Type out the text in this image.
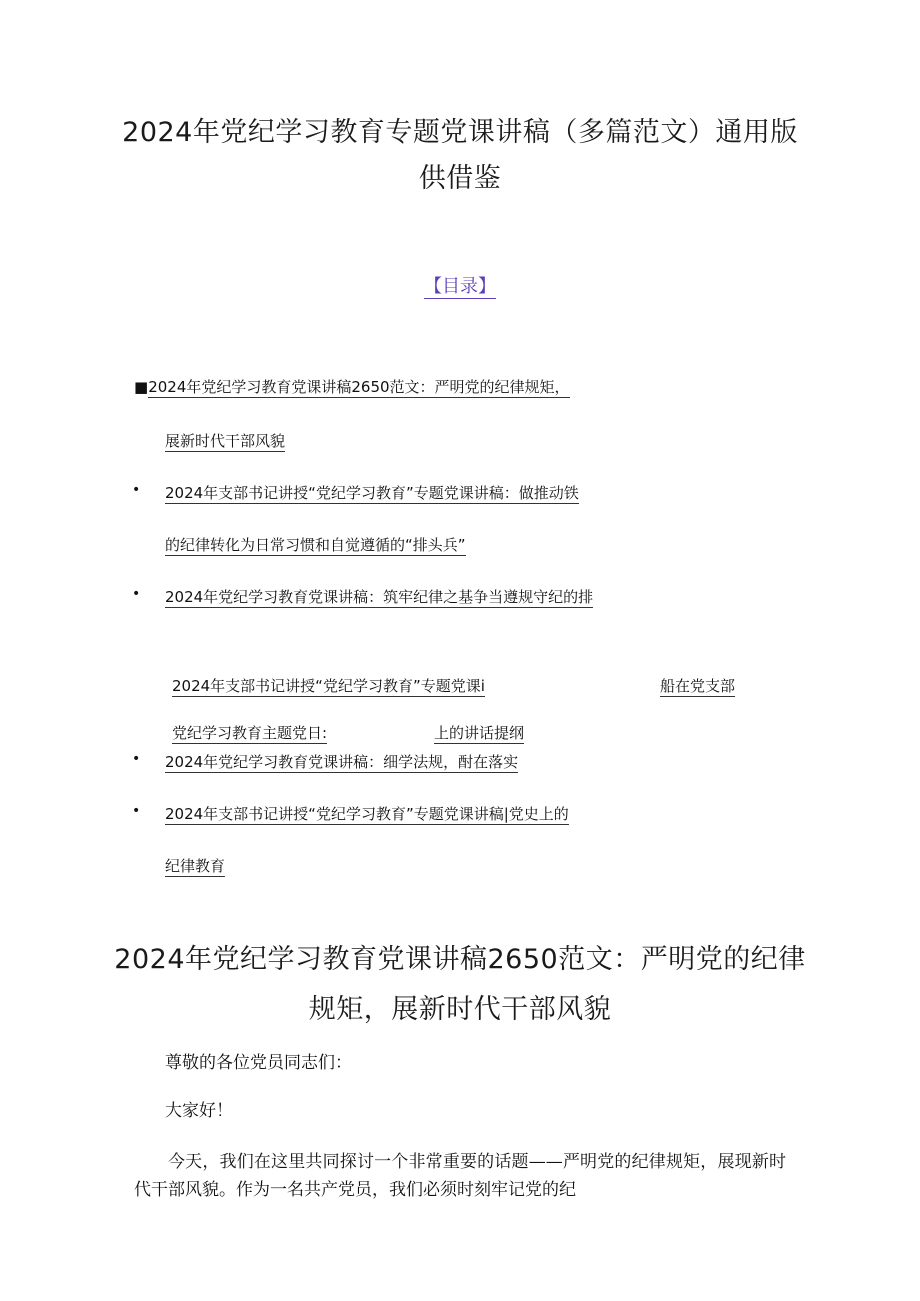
2024年党纪学习教育专题党课讲稿（多篇范文）通用版供借鉴
【目录】
■2024年党纪学习教育党课讲稿2650范文：严明党的纪律规矩，
展新时代干部风貌
• 2024年支部书记讲授“党纪学习教育”专题党课讲稿：做推动铁
的纪律转化为日常习惯和自觉遵循的“排头兵”
• 2024年党纪学习教育党课讲稿：筑牢纪律之基争当遵规守纪的排
2024年支部书记讲授“党纪学习教育”专题党课i	船在党支部
党纪学习教育主题党日:	上的讲话提纲
• 2024年党纪学习教育党课讲稿：细学法规，酎在落实
• 2024年支部书记讲授“党纪学习教育”专题党课讲稿|党史上的
纪律教育
2024年党纪学习教育党课讲稿2650范文：严明党的纪律规矩，展新时代干部风貌
尊敬的各位党员同志们：
大家好！
今天，我们在这里共同探讨一个非常重要的话题——严明党的纪律规矩，展现新时代干部风貌。作为一名共产党员，我们必须时刻牢记党的纪
